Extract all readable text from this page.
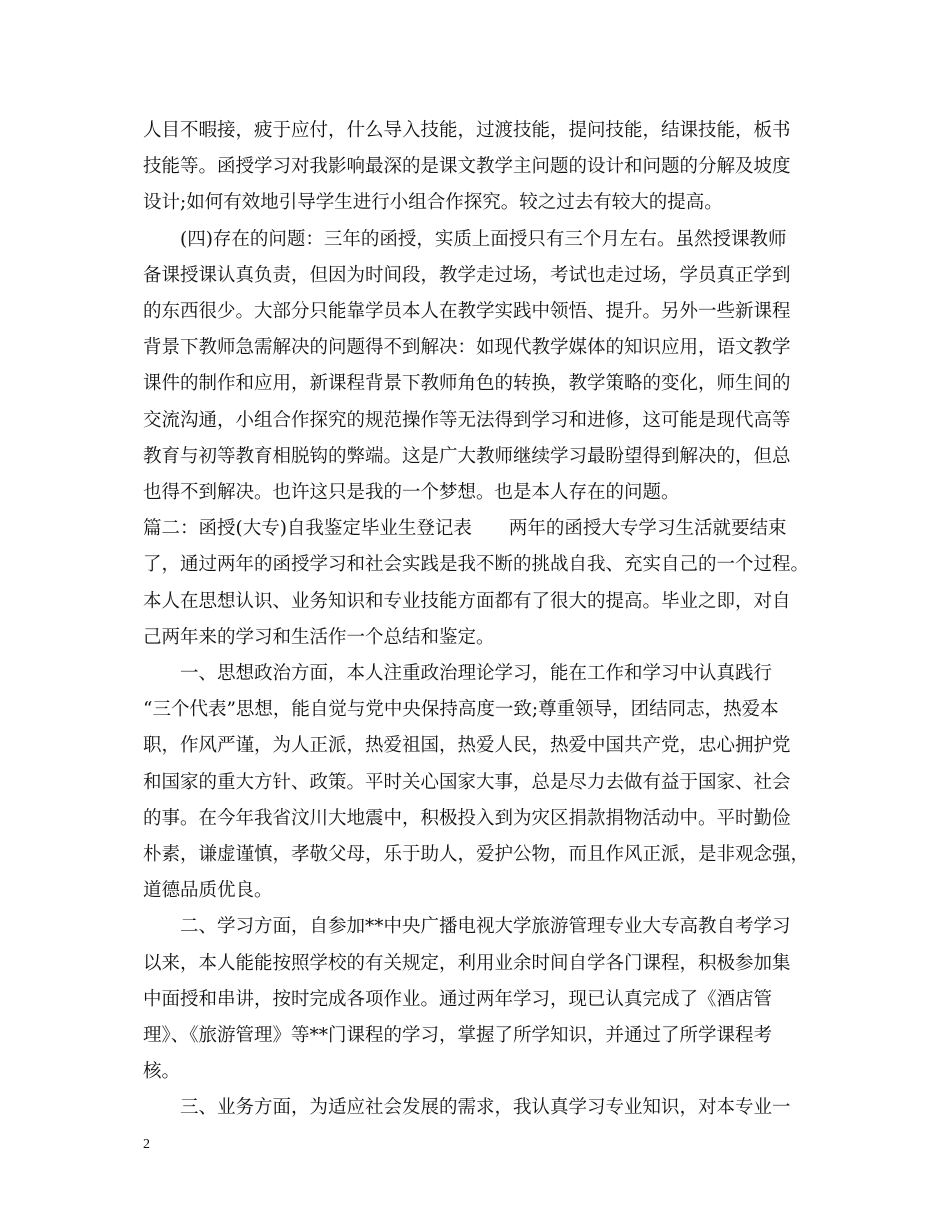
人目不暇接，疲于应付，什么导入技能，过渡技能，提问技能，结课技能，板书

技能等。函授学习对我影响最深的是课文教学主问题的设计和问题的分解及坡度

设计;如何有效地引导学生进行小组合作探究。较之过去有较大的提高。

　　(四)存在的问题：三年的函授，实质上面授只有三个月左右。虽然授课教师

备课授课认真负责，但因为时间段，教学走过场，考试也走过场，学员真正学到

的东西很少。大部分只能靠学员本人在教学实践中领悟、提升。另外一些新课程

背景下教师急需解决的问题得不到解决：如现代教学媒体的知识应用，语文教学

课件的制作和应用，新课程背景下教师角色的转换，教学策略的变化，师生间的

交流沟通，小组合作探究的规范操作等无法得到学习和进修，这可能是现代高等

教育与初等教育相脱钩的弊端。这是广大教师继续学习最盼望得到解决的，但总

也得不到解决。也许这只是我的一个梦想。也是本人存在的问题。

篇二：函授(大专)自我鉴定毕业生登记表　　两年的函授大专学习生活就要结束

了，通过两年的函授学习和社会实践是我不断的挑战自我、充实自己的一个过程。

本人在思想认识、业务知识和专业技能方面都有了很大的提高。毕业之即，对自

己两年来的学习和生活作一个总结和鉴定。

　　一、思想政治方面，本人注重政治理论学习，能在工作和学习中认真践行

“三个代表”思想，能自觉与党中央保持高度一致;尊重领导，团结同志，热爱本

职，作风严谨，为人正派，热爱祖国，热爱人民，热爱中国共产党，忠心拥护党

和国家的重大方针、政策。平时关心国家大事，总是尽力去做有益于国家、社会

的事。在今年我省汶川大地震中，积极投入到为灾区捐款捐物活动中。平时勤俭

朴素，谦虚谨慎，孝敬父母，乐于助人，爱护公物，而且作风正派，是非观念强，

道德品质优良。

　　二、学习方面，自参加**中央广播电视大学旅游管理专业大专高教自考学习

以来，本人能能按照学校的有关规定，利用业余时间自学各门课程，积极参加集

中面授和串讲，按时完成各项作业。通过两年学习，现已认真完成了《酒店管

理》、《旅游管理》等**门课程的学习，掌握了所学知识，并通过了所学课程考

核。

　　三、业务方面，为适应社会发展的需求，我认真学习专业知识，对本专业一

2
